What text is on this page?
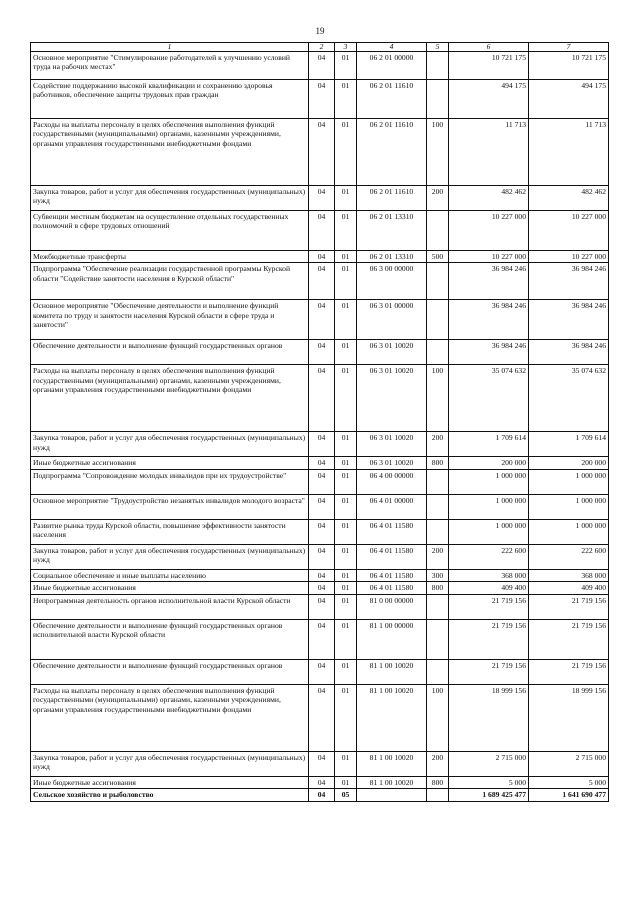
19
1	2	3	4	5	6	7
Основное мероприятие "Стимулирование работодателей к улучшению условий труда на рабочих местах"	04	01	06 2 01 00000		10 721 175	10 721 175
Содействие поддержанию высокой квалификации и сохранению здоровья работников, обеспечение защиты трудовых прав граждан	04	01	06 2 01 11610		494 175	494 175
Расходы на выплаты персоналу в целях обеспечения выполнения функций государственными (муниципальными) органами, казенными учреждениями, органами управления государственными внебюджетными фондами	04	01	06 2 01 11610	100	11 713	11 713
Закупка товаров, работ и услуг для обеспечения государственных (муниципальных) нужд	04	01	06 2 01 11610	200	482 462	482 462
Субвенции местным бюджетам на осуществление отдельных государственных полномочий в сфере трудовых отношений	04	01	06 2 01 13310		10 227 000	10 227 000
Межбюджетные трансферты	04	01	06 2 01 13310	500	10 227 000	10 227 000
Подпрограмма "Обеспечение реализации государственной программы Курской области "Содействие занятости населения в Курской области"	04	01	06 3 00 00000		36 984 246	36 984 246
Основное мероприятие "Обеспечение деятельности и выполнение функций комитета по труду и занятости населения Курской области в сфере труда и занятости"	04	01	06 3 01 00000		36 984 246	36 984 246
Обеспечение деятельности и выполнение функций государственных органов	04	01	06 3 01 10020		36 984 246	36 984 246
Расходы на выплаты персоналу в целях обеспечения выполнения функций государственными (муниципальными) органами, казенными учреждениями, органами управления государственными внебюджетными фондами	04	01	06 3 01 10020	100	35 074 632	35 074 632
Закупка товаров, работ и услуг для обеспечения государственных (муниципальных) нужд	04	01	06 3 01 10020	200	1 709 614	1 709 614
Иные бюджетные ассигнования	04	01	06 3 01 10020	800	200 000	200 000
Подпрограмма "Сопровождение молодых инвалидов при их трудоустройстве"	04	01	06 4 00 00000		1 000 000	1 000 000
Основное мероприятие "Трудоустройство незанятых инвалидов молодого возраста"	04	01	06 4 01 00000		1 000 000	1 000 000
Развитие рынка труда Курской области, повышение эффективности занятости населения	04	01	06 4 01 11580		1 000 000	1 000 000
Закупка товаров, работ и услуг для обеспечения государственных (муниципальных) нужд	04	01	06 4 01 11580	200	222 600	222 600
Социальное обеспечение и иные выплаты населению	04	01	06 4 01 11580	300	368 000	368 000
Иные бюджетные ассигнования	04	01	06 4 01 11580	800	409 400	409 400
Непрограммная деятельность органов исполнительной власти Курской области	04	01	81 0 00 00000		21 719 156	21 719 156
Обеспечение деятельности и выполнение функций государственных органов исполнительной власти Курской области	04	01	81 1 00 00000		21 719 156	21 719 156
Обеспечение деятельности и выполнение функций государственных органов	04	01	81 1 00 10020		21 719 156	21 719 156
Расходы на выплаты персоналу в целях обеспечения выполнения функций государственными (муниципальными) органами, казенными учреждениями, органами управления государственными внебюджетными фондами	04	01	81 1 00 10020	100	18 999 156	18 999 156
Закупка товаров, работ и услуг для обеспечения государственных (муниципальных) нужд	04	01	81 1 00 10020	200	2 715 000	2 715 000
Иные бюджетные ассигнования	04	01	81 1 00 10020	800	5 000	5 000
Сельское хозяйство и рыболовство	04	05			1 689 425 477	1 641 690 477
